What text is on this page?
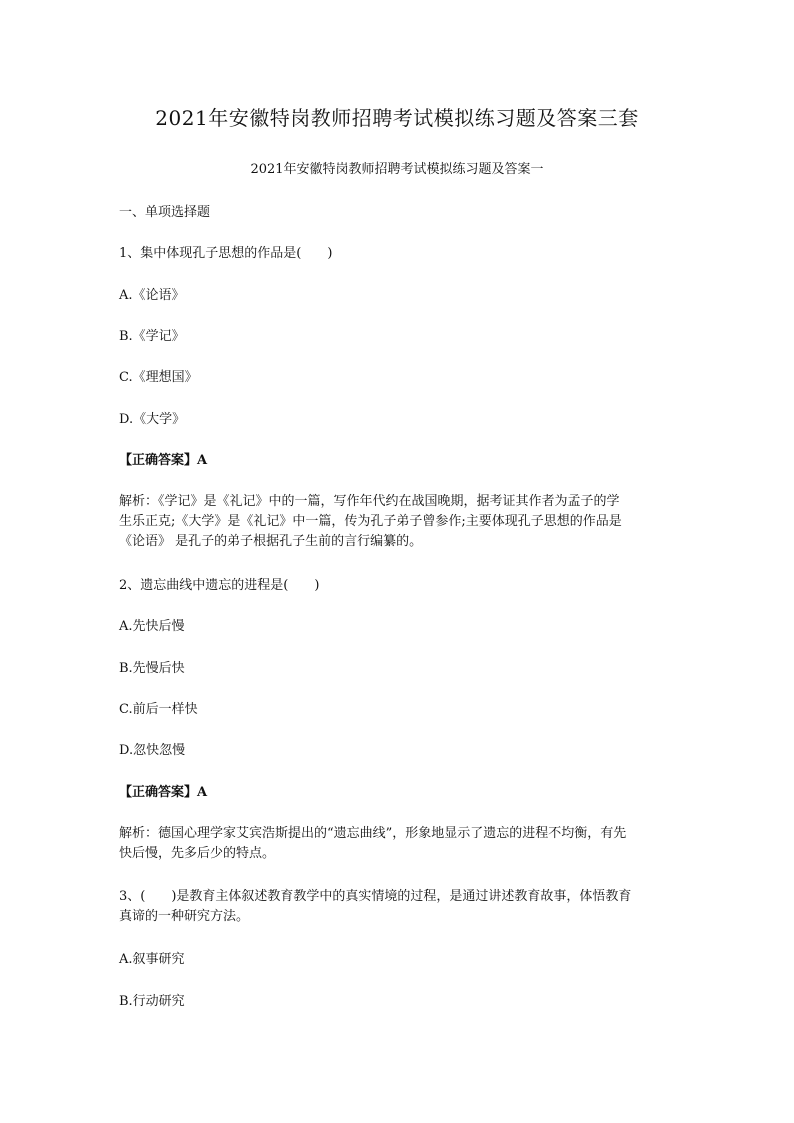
2021年安徽特岗教师招聘考试模拟练习题及答案三套
2021年安徽特岗教师招聘考试模拟练习题及答案一
一、单项选择题
1、集中体现孔子思想的作品是(　　)
A.《论语》
B.《学记》
C.《理想国》
D.《大学》
【正确答案】A
解析：《学记》是《礼记》中的一篇，写作年代约在战国晚期，据考证其作者为孟子的学
生乐正克;《大学》是《礼记》中一篇，传为孔子弟子曾参作;主要体现孔子思想的作品是
《论语》 是孔子的弟子根据孔子生前的言行编纂的。
2、遗忘曲线中遗忘的进程是(　　)
A.先快后慢
B.先慢后快
C.前后一样快
D.忽快忽慢
【正确答案】A
解析：德国心理学家艾宾浩斯提出的“遗忘曲线”，形象地显示了遗忘的进程不均衡，有先
快后慢，先多后少的特点。
3、(　　)是教育主体叙述教育教学中的真实情境的过程，是通过讲述教育故事，体悟教育
真谛的一种研究方法。
A.叙事研究
B.行动研究
